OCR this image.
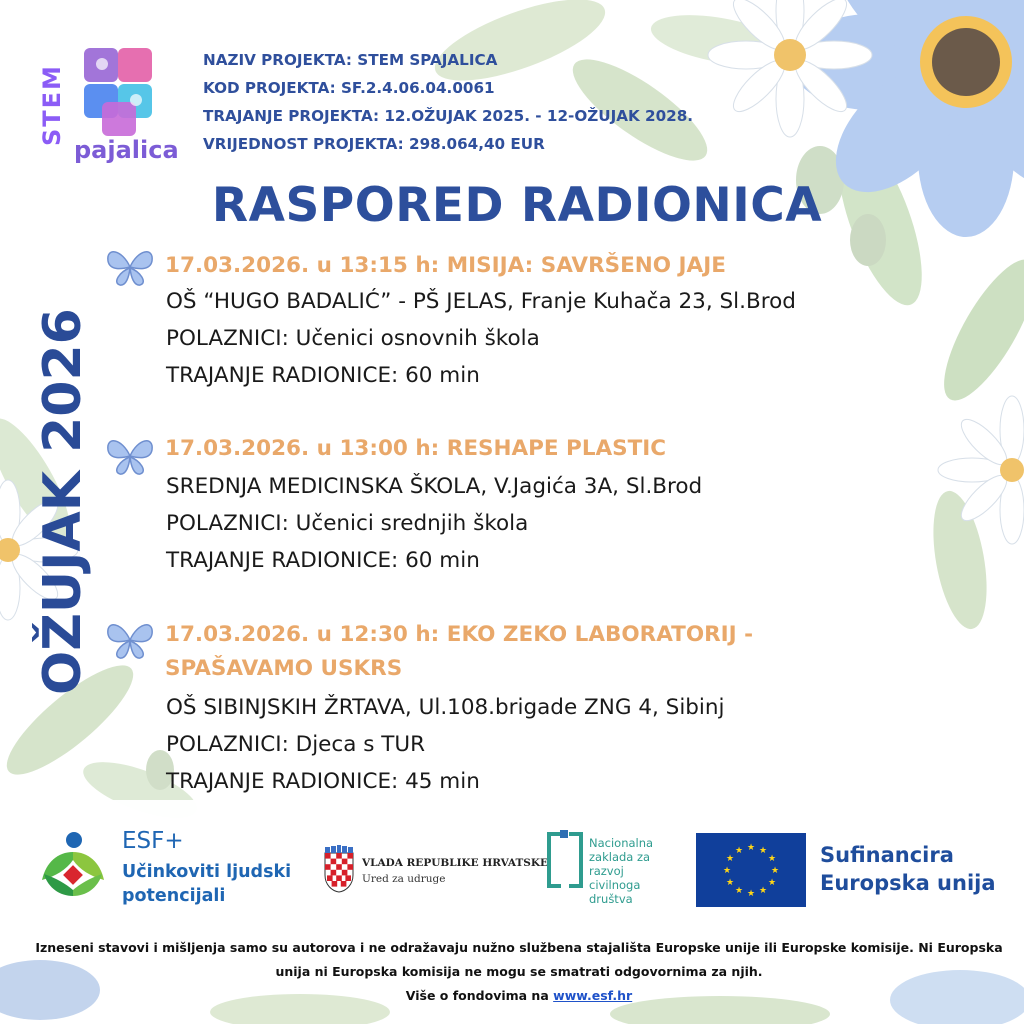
STEM
pajalica
NAZIV PROJEKTA: STEM SPAJALICA
KOD PROJEKTA: SF.2.4.06.04.0061
TRAJANJE PROJEKTA: 12.OŽUJAK 2025. - 12-OŽUJAK 2028.
VRIJEDNOST PROJEKTA: 298.064,40 EUR
RASPORED RADIONICA
OŽUJAK 2026
17.03.2026. u 13:15 h: MISIJA: SAVRŠENO JAJE
OŠ “HUGO BADALIĆ” - PŠ JELAS, Franje Kuhača 23, Sl.Brod
POLAZNICI: Učenici osnovnih škola
TRAJANJE RADIONICE: 60 min
17.03.2026. u 13:00 h: RESHAPE PLASTIC
SREDNJA MEDICINSKA ŠKOLA, V.Jagića 3A, Sl.Brod
POLAZNICI: Učenici srednjih škola
TRAJANJE RADIONICE: 60 min
17.03.2026. u 12:30 h: EKO ZEKO LABORATORIJ -
SPAŠAVAMO USKRS
OŠ SIBINJSKIH ŽRTAVA, Ul.108.brigade ZNG 4, Sibinj
POLAZNICI: Djeca s TUR
TRAJANJE RADIONICE: 45 min
ESF+
Učinkoviti ljudski
potencijali
VLADA REPUBLIKE HRVATSKE
Ured za udruge
Nacionalna
zaklada za
razvoj
civilnoga
društva
★ ★
★
★
★
★
★
★
★
★
★
★	Sufinancira
Europska unija
Izneseni stavovi i mišljenja samo su autorova i ne odražavaju nužno službena stajališta Europske unije ili Europske komisije. Ni Europska
unija ni Europska komisija ne mogu se smatrati odgovornima za njih.
Više o fondovima na www.esf.hr
